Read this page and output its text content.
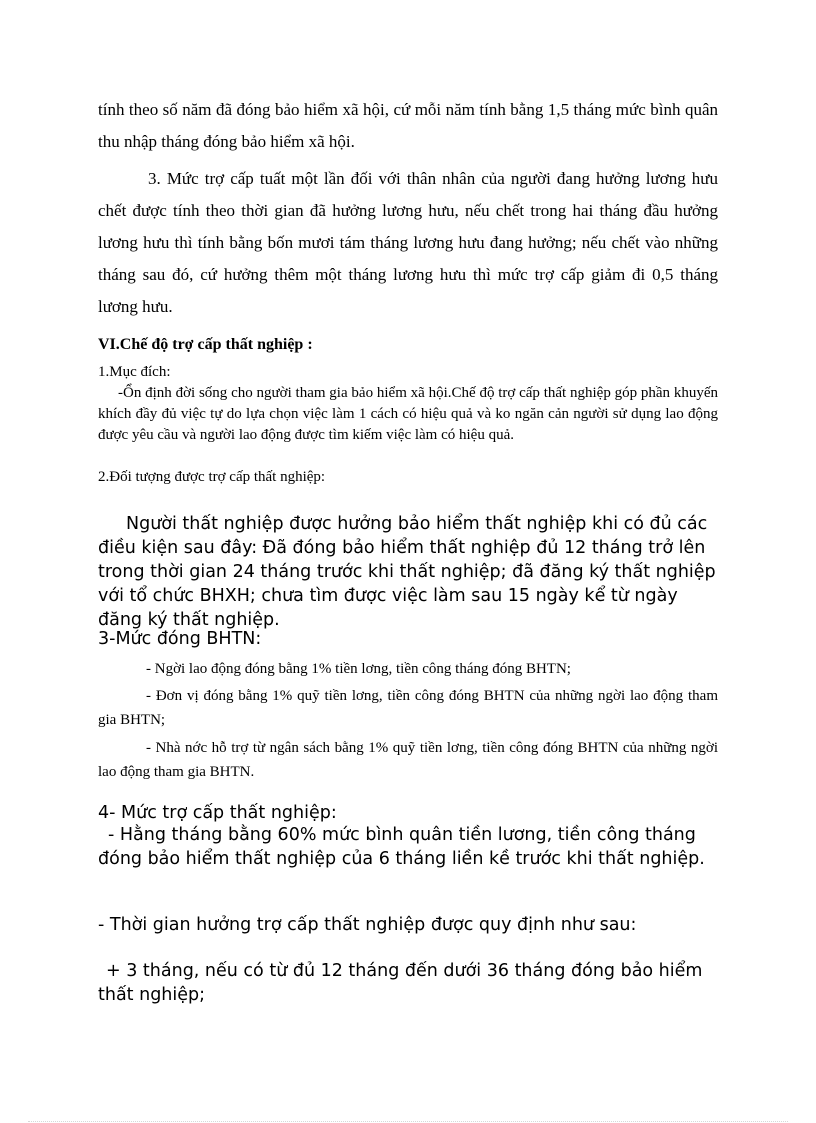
tính theo số năm đã đóng bảo hiểm xã hội, cứ mỗi năm tính bằng 1,5 tháng mức bình quân thu nhập tháng đóng bảo hiểm xã hội.

3. Mức trợ cấp tuất một lần đối với thân nhân của người đang hưởng lương hưu chết được tính theo thời gian đã hưởng lương hưu, nếu chết trong hai tháng đầu hưởng lương hưu thì tính bằng bốn mươi tám tháng lương hưu đang hưởng; nếu chết vào những tháng sau đó, cứ hưởng thêm một tháng lương hưu thì mức trợ cấp giảm đi 0,5 tháng lương hưu.

VI.Chế độ trợ cấp thất nghiệp :

1.Mục đích:

-Ổn định đời sống cho người tham gia bảo hiểm xã hội.Chế độ trợ cấp thất nghiệp góp phần khuyến khích đầy đủ việc tự do lựa chọn việc làm 1 cách có hiệu quả và ko ngăn cản người sử dụng lao động được yêu cầu và người lao động được tìm kiếm việc làm có hiệu quả.

2.Đối tượng được trợ cấp thất nghiệp:

Người thất nghiệp được hưởng bảo hiểm thất nghiệp khi có đủ các điều kiện sau đây: Đã đóng bảo hiểm thất nghiệp đủ 12 tháng trở lên trong thời gian 24 tháng trước khi thất nghiệp; đã đăng ký thất nghiệp với tổ chức BHXH; chưa tìm được việc làm sau 15 ngày kể từ ngày đăng ký thất nghiệp.

3-Mức đóng BHTN:

- Ngời lao động đóng bằng 1% tiền lơng, tiền công tháng đóng BHTN;

- Đơn vị đóng bằng 1% quỹ tiền lơng, tiền công đóng BHTN của những ngời lao động tham gia BHTN;

- Nhà nớc hỗ trợ từ ngân sách bằng 1% quỹ tiền lơng, tiền công đóng BHTN của những ngời lao động tham gia BHTN.

4- Mức trợ cấp thất nghiệp:

- Hằng tháng bằng 60% mức bình quân tiền lương, tiền công tháng đóng bảo hiểm thất nghiệp của 6 tháng liền kề trước khi thất nghiệp.

- Thời gian hưởng trợ cấp thất nghiệp được quy định như sau:

+ 3 tháng, nếu có từ đủ 12 tháng đến dưới 36 tháng đóng bảo hiểm thất nghiệp;
